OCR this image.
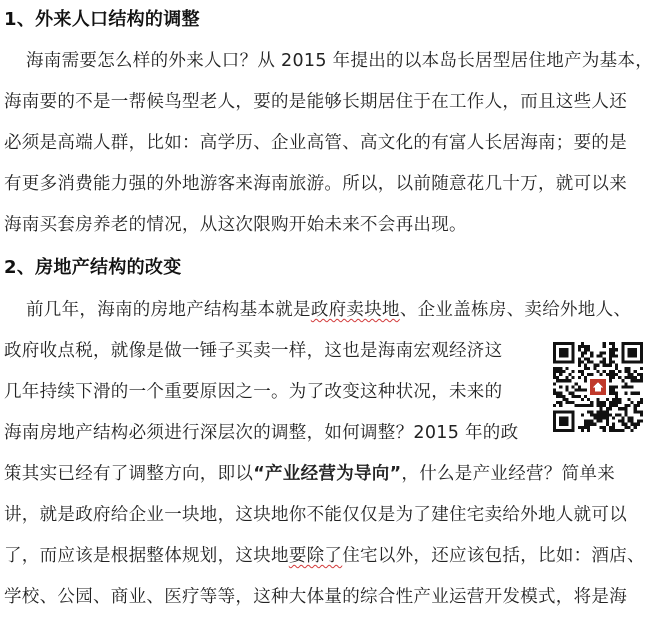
1、外来人口结构的调整
海南需要怎么样的外来人口？从 2015 年提出的以本岛长居型居住地产为基本，
海南要的不是一帮候鸟型老人，要的是能够长期居住于在工作人，而且这些人还
必须是高端人群，比如：高学历、企业高管、高文化的有富人长居海南；要的是
有更多消费能力强的外地游客来海南旅游。所以，以前随意花几十万，就可以来
海南买套房养老的情况，从这次限购开始未来不会再出现。
2、房地产结构的改变
前几年，海南的房地产结构基本就是政府卖块地、企业盖栋房、卖给外地人、
政府收点税，就像是做一锤子买卖一样，这也是海南宏观经济这
几年持续下滑的一个重要原因之一。为了改变这种状况，未来的
海南房地产结构必须进行深层次的调整，如何调整？2015 年的政
策其实已经有了调整方向，即以“产业经营为导向”，什么是产业经营？简单来
讲，就是政府给企业一块地，这块地你不能仅仅是为了建住宅卖给外地人就可以
了，而应该是根据整体规划，这块地要除了住宅以外，还应该包括，比如：酒店、
学校、公园、商业、医疗等等，这种大体量的综合性产业运营开发模式，将是海
